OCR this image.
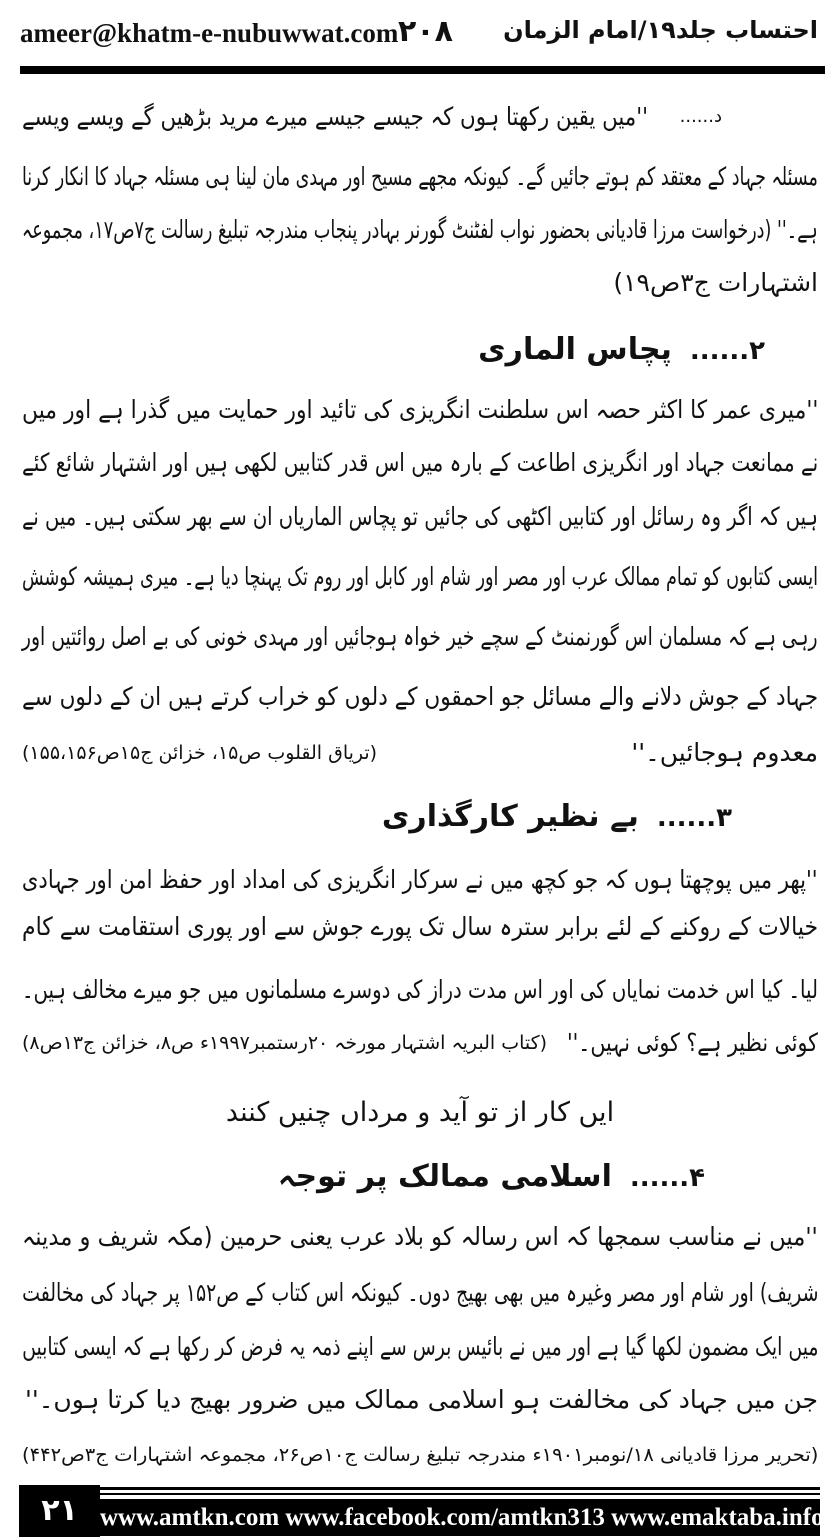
ameer@khatm-e-nubuwwat.com ۲۰۸ احتساب جلد۱۹/امام الزمان
د......
''میں یقین رکھتا ہوں کہ جیسے جیسے میرے مرید بڑھیں گے ویسے ویسے
مسئلہ جہاد کے معتقد کم ہوتے جائیں گے۔ کیونکہ مجھے مسیح اور مہدی مان لینا ہی مسئلہ جہاد کا انکار کرنا
ہے۔'' (درخواست مرزا قادیانی بحضور نواب لفٹنٹ گورنر بہادر پنجاب مندرجہ تبلیغ رسالت ج۷ص۱۷، مجموعہ
اشتہارات ج۳ص۱۹)
۲......پچاس الماری
''میری عمر کا اکثر حصہ اس سلطنت انگریزی کی تائید اور حمایت میں گذرا ہے اور میں
نے ممانعت جہاد اور انگریزی اطاعت کے بارہ میں اس قدر کتابیں لکھی ہیں اور اشتہار شائع کئے
ہیں کہ اگر وہ رسائل اور کتابیں اکٹھی کی جائیں تو پچاس الماریاں ان سے بھر سکتی ہیں۔ میں نے
ایسی کتابوں کو تمام ممالک عرب اور مصر اور شام اور کابل اور روم تک پہنچا دیا ہے۔ میری ہمیشہ کوشش
رہی ہے کہ مسلمان اس گورنمنٹ کے سچے خیر خواہ ہوجائیں اور مہدی خونی کی بے اصل روائتیں اور
جہاد کے جوش دلانے والے مسائل جو احمقوں کے دلوں کو خراب کرتے ہیں ان کے دلوں سے
معدوم ہوجائیں۔''
(تریاق القلوب ص۱۵، خزائن ج۱۵ص۱۵۵،۱۵۶)
۳......بے نظیر کارگذاری
''پھر میں پوچھتا ہوں کہ جو کچھ میں نے سرکار انگریزی کی امداد اور حفظ امن اور جہادی
خیالات کے روکنے کے لئے برابر سترہ سال تک پورے جوش سے اور پوری استقامت سے کام
لیا۔ کیا اس خدمت نمایاں کی اور اس مدت دراز کی دوسرے مسلمانوں میں جو میرے مخالف ہیں۔
کوئی نظیر ہے؟ کوئی نہیں۔''
(کتاب البریہ اشتہار مورخہ ۲۰رستمبر۱۹۹۷ء ص۸، خزائن ج۱۳ص۸)
ایں کار از تو آید و مرداں چنیں کنند
۴......اسلامی ممالک پر توجہ
''میں نے مناسب سمجھا کہ اس رسالہ کو بلاد عرب یعنی حرمین (مکہ شریف و مدینہ
شریف) اور شام اور مصر وغیرہ میں بھی بھیج دوں۔ کیونکہ اس کتاب کے ص۱۵۲ پر جہاد کی مخالفت
میں ایک مضمون لکھا گیا ہے اور میں نے بائیس برس سے اپنے ذمہ یہ فرض کر رکھا ہے کہ ایسی کتابیں
جن میں جہاد کی مخالفت ہو اسلامی ممالک میں ضرور بھیج دیا کرتا ہوں۔''
(تحریر مرزا قادیانی ۱۸/نومبر۱۹۰۱ء مندرجہ تبلیغ رسالت ج۱۰ص۲۶، مجموعہ اشتہارات ج۳ص۴۴۲)
۲۱ www.amtkn.com www.facebook.com/amtkn313 www.emaktaba.info
